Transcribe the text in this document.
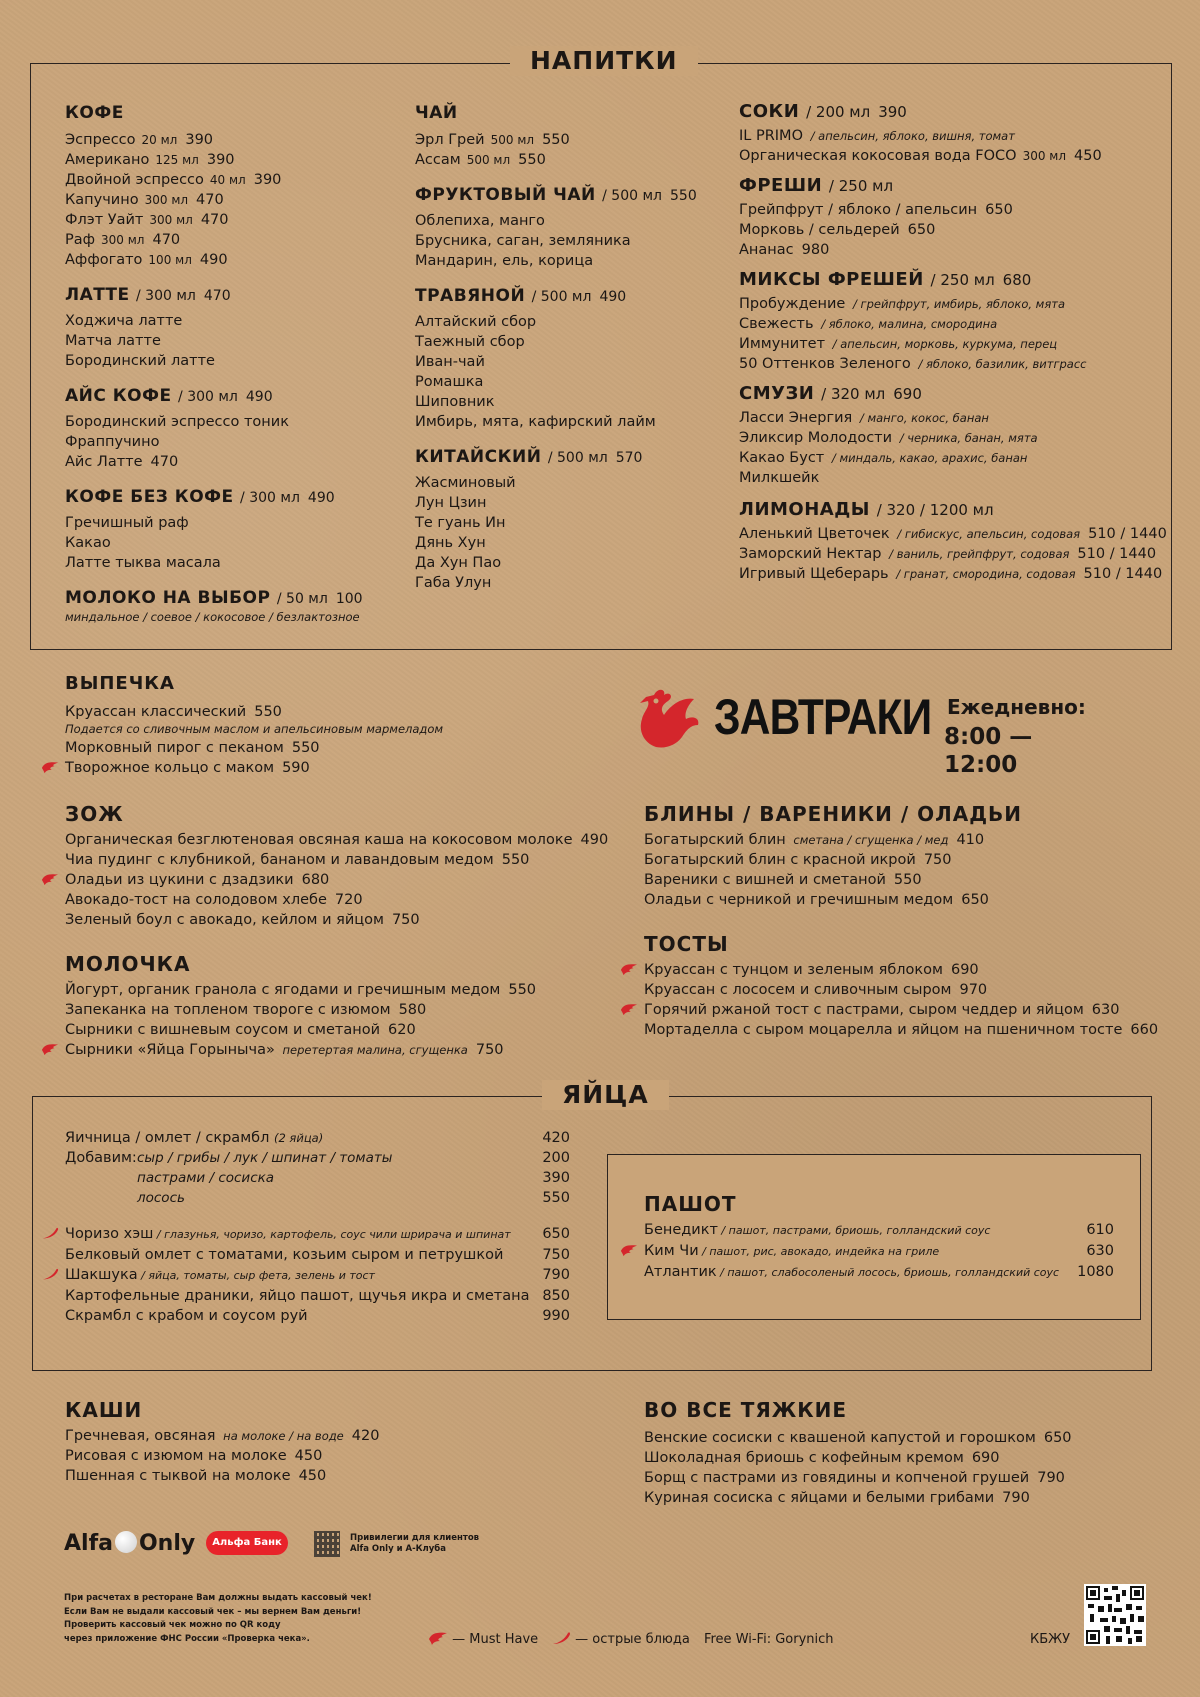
НАПИТКИ
КОФЕ
Эспрессо 20 мл 390
Американо 125 мл 390
Двойной эспрессо 40 мл 390
Капучино 300 мл 470
Флэт Уайт 300 мл 470
Раф 300 мл 470
Аффогато 100 мл 490
ЛАТТЕ / 300 мл 470
Ходжича латте
Матча латте
Бородинский латте
АЙС КОФЕ / 300 мл 490
Бородинский эспрессо тоник
Фраппучино
Айс Латте 470
КОФЕ БЕЗ КОФЕ / 300 мл 490
Гречишный раф
Какао
Латте тыква масала
МОЛОКО НА ВЫБОР / 50 мл 100
миндальное / соевое / кокосовое / безлактозное
ЧАЙ
Эрл Грей 500 мл 550
Ассам 500 мл 550
ФРУКТОВЫЙ ЧАЙ / 500 мл 550
Облепиха, манго
Брусника, саган, земляника
Мандарин, ель, корица
ТРАВЯНОЙ / 500 мл 490
Алтайский сбор
Таежный сбор
Иван-чай
Ромашка
Шиповник
Имбирь, мята, кафирский лайм
КИТАЙСКИЙ / 500 мл 570
Жасминовый
Лун Цзин
Те гуань Ин
Дянь Хун
Да Хун Пао
Габа Улун
СОКИ / 200 мл 390
IL PRIMO / апельсин, яблоко, вишня, томат
Органическая кокосовая вода FOCO 300 мл 450
ФРЕШИ / 250 мл
Грейпфрут / яблоко / апельсин 650
Морковь / сельдерей 650
Ананас 980
МИКСЫ ФРЕШЕЙ / 250 мл 680
Пробуждение / грейпфрут, имбирь, яблоко, мята
Свежесть / яблоко, малина, смородина
Иммунитет / апельсин, морковь, куркума, перец
50 Оттенков Зеленого / яблоко, базилик, витграсс
СМУЗИ / 320 мл 690
Ласси Энергия / манго, кокос, банан
Эликсир Молодости / черника, банан, мята
Какао Буст / миндаль, какао, арахис, банан
Милкшейк
ЛИМОНАДЫ / 320 / 1200 мл
Аленький Цветочек / гибискус, апельсин, содовая 510 / 1440
Заморский Нектар / ваниль, грейпфрут, содовая 510 / 1440
Игривый Щеберарь / гранат, смородина, содовая 510 / 1440
ВЫПЕЧКА
Круассан классический 550
Подается со сливочным маслом и апельсиновым мармеладом
Морковный пирог с пеканом 550
Творожное кольцо с маком 590
ЗАВТРАКИ Ежедневно:
8:00 — 12:00
ЗОЖ
Органическая безглютеновая овсяная каша на кокосовом молоке 490
Чиа пудинг с клубникой, бананом и лавандовым медом 550
Оладьи из цукини с дзадзики 680
Авокадо-тост на солодовом хлебе 720
Зеленый боул с авокадо, кейлом и яйцом 750
МОЛОЧКА
Йогурт, органик гранола с ягодами и гречишным медом 550
Запеканка на топленом твороге с изюмом 580
Сырники с вишневым соусом и сметаной 620
Сырники «Яйца Горыныча» перетертая малина, сгущенка 750
БЛИНЫ / ВАРЕНИКИ / ОЛАДЬИ
Богатырский блин сметана / сгущенка / мед 410
Богатырский блин с красной икрой 750
Вареники с вишней и сметаной 550
Оладьи с черникой и гречишным медом 650
ТОСТЫ
Круассан с тунцом и зеленым яблоком 690
Круассан с лососем и сливочным сыром 970
Горячий ржаной тост с пастрами, сыром чеддер и яйцом 630
Мортаделла с сыром моцарелла и яйцом на пшеничном тосте 660
ЯЙЦА
Яичница / омлет / скрамбл (2 яйца)	420
Добавим:сыр / грибы / лук / шпинат / томаты	200
пастрами / сосиска	390
лосось	550
Чоризо хэш / глазунья, чоризо, картофель, соус чили шрирача и шпинат	650
Белковый омлет с томатами, козьим сыром и петрушкой	750
Шакшука / яйца, томаты, сыр фета, зелень и тост	790
Картофельные драники, яйцо пашот, щучья икра и сметана 850
Скрамбл с крабом и соусом руй	990
ПАШОТ
Бенедикт / пашот, пастрами, бриошь, голландский соус	610
Ким Чи / пашот, рис, авокадо, индейка на гриле	630
Атлантик / пашот, слабосоленый лосось, бриошь, голландский соус	1080
КАШИ
Гречневая, овсяная на молоке / на воде 420
Рисовая с изюмом на молоке 450
Пшенная с тыквой на молоке 450
ВО ВСЕ ТЯЖКИЕ
Венские сосиски с квашеной капустой и горошком 650
Шоколадная бриошь с кофейным кремом 690
Борщ с пастрами из говядины и копченой грушей 790
Куриная сосиска с яйцами и белыми грибами 790
Alfa Only	Альфа Банк	Привилегии для клиентов
Alfa Only и А-Клуба
При расчетах в ресторане Вам должны выдать кассовый чек!
Если Вам не выдали кассовый чек – мы вернем Вам деньги!
Проверить кассовый чек можно по QR коду
через приложение ФНС России «Проверка чека».	— Must Have	— острые блюда Free Wi-Fi: Gorynich	КБЖУ
